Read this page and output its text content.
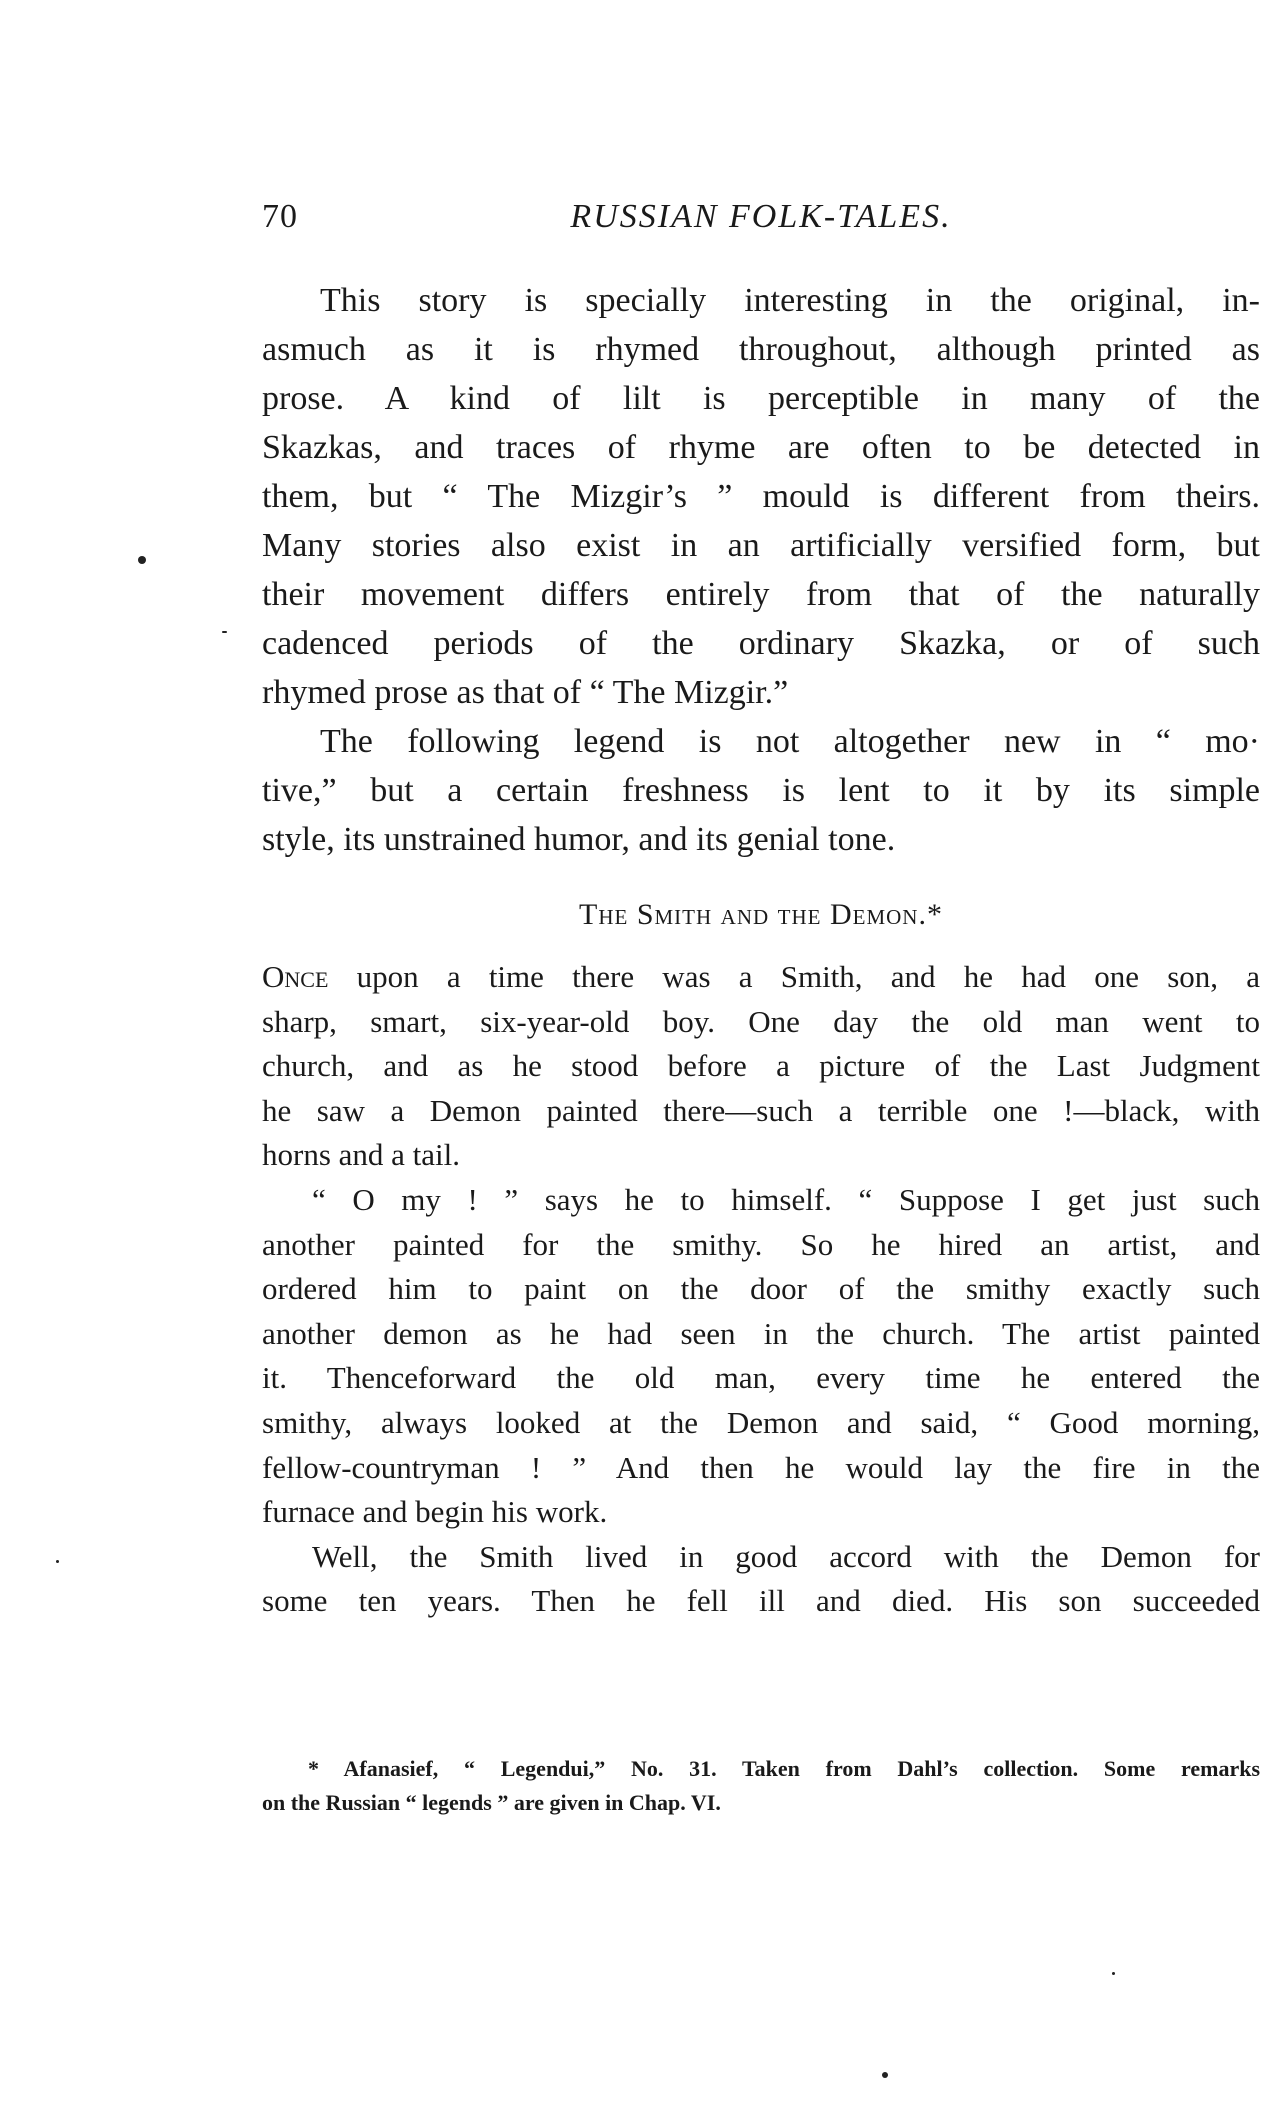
70	RUSSIAN FOLK-TALES.
This story is specially interesting in the original, in-
asmuch as it is rhymed throughout, although printed as
prose. A kind of lilt is perceptible in many of the
Skazkas, and traces of rhyme are often to be detected in
them, but “ The Mizgir’s ” mould is different from theirs.
Many stories also exist in an artificially versified form, but
their movement differs entirely from that of the naturally
cadenced periods of the ordinary Skazka, or of such
rhymed prose as that of “ The Mizgir.”
The following legend is not altogether new in “ mo·
tive,” but a certain freshness is lent to it by its simple
style, its unstrained humor, and its genial tone.
The Smith and the Demon.*
Once upon a time there was a Smith, and he had one son, a
sharp, smart, six-year-old boy. One day the old man went to
church, and as he stood before a picture of the Last Judgment
he saw a Demon painted there—such a terrible one !—black, with
horns and a tail.
“ O my ! ” says he to himself. “ Suppose I get just such
another painted for the smithy. So he hired an artist, and
ordered him to paint on the door of the smithy exactly such
another demon as he had seen in the church. The artist painted
it. Thenceforward the old man, every time he entered the
smithy, always looked at the Demon and said, “ Good morning,
fellow-countryman ! ” And then he would lay the fire in the
furnace and begin his work.
Well, the Smith lived in good accord with the Demon for
some ten years. Then he fell ill and died. His son succeeded
* Afanasief, “ Legendui,” No. 31. Taken from Dahl’s collection. Some remarks
on the Russian “ legends ” are given in Chap. VI.
